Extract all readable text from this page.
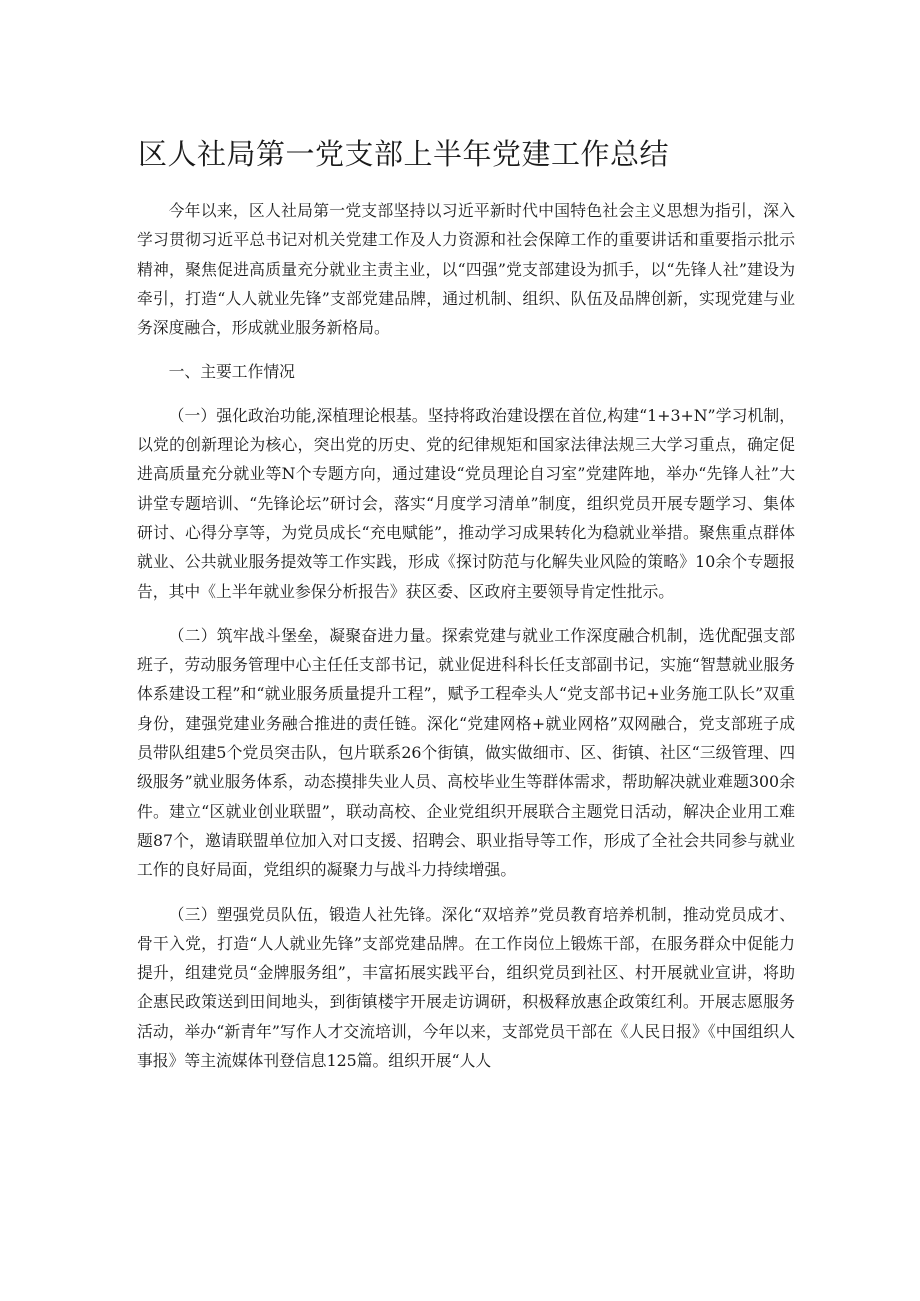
区人社局第一党支部上半年党建工作总结

今年以来，区人社局第一党支部坚持以习近平新时代中国特色社会主义思想为指引，深入学习贯彻习近平总书记对机关党建工作及人力资源和社会保障工作的重要讲话和重要指示批示精神，聚焦促进高质量充分就业主责主业，以“四强”党支部建设为抓手，以“先锋人社”建设为牵引，打造“人人就业先锋”支部党建品牌，通过机制、组织、队伍及品牌创新，实现党建与业务深度融合，形成就业服务新格局。

一、主要工作情况

（一）强化政治功能,深植理论根基。坚持将政治建设摆在首位,构建“1+3+N”学习机制，以党的创新理论为核心，突出党的历史、党的纪律规矩和国家法律法规三大学习重点，确定促进高质量充分就业等N个专题方向，通过建设“党员理论自习室”党建阵地，举办“先锋人社”大讲堂专题培训、“先锋论坛”研讨会，落实“月度学习清单”制度，组织党员开展专题学习、集体研讨、心得分享等，为党员成长“充电赋能”，推动学习成果转化为稳就业举措。聚焦重点群体就业、公共就业服务提效等工作实践，形成《探讨防范与化解失业风险的策略》10余个专题报告，其中《上半年就业参保分析报告》获区委、区政府主要领导肯定性批示。

（二）筑牢战斗堡垒，凝聚奋进力量。探索党建与就业工作深度融合机制，选优配强支部班子，劳动服务管理中心主任任支部书记，就业促进科科长任支部副书记，实施“智慧就业服务体系建设工程”和“就业服务质量提升工程”，赋予工程牵头人“党支部书记+业务施工队长”双重身份，建强党建业务融合推进的责任链。深化“党建网格+就业网格”双网融合，党支部班子成员带队组建5个党员突击队，包片联系26个街镇，做实做细市、区、街镇、社区“三级管理、四级服务”就业服务体系，动态摸排失业人员、高校毕业生等群体需求，帮助解决就业难题300余件。建立“区就业创业联盟”，联动高校、企业党组织开展联合主题党日活动，解决企业用工难题87个，邀请联盟单位加入对口支援、招聘会、职业指导等工作，形成了全社会共同参与就业工作的良好局面，党组织的凝聚力与战斗力持续增强。

（三）塑强党员队伍，锻造人社先锋。深化“双培养”党员教育培养机制，推动党员成才、骨干入党，打造“人人就业先锋”支部党建品牌。在工作岗位上锻炼干部，在服务群众中促能力提升，组建党员“金牌服务组”，丰富拓展实践平台，组织党员到社区、村开展就业宣讲，将助企惠民政策送到田间地头，到街镇楼宇开展走访调研，积极释放惠企政策红利。开展志愿服务活动，举办“新青年”写作人才交流培训，今年以来，支部党员干部在《人民日报》《中国组织人事报》等主流媒体刊登信息125篇。组织开展“人人
